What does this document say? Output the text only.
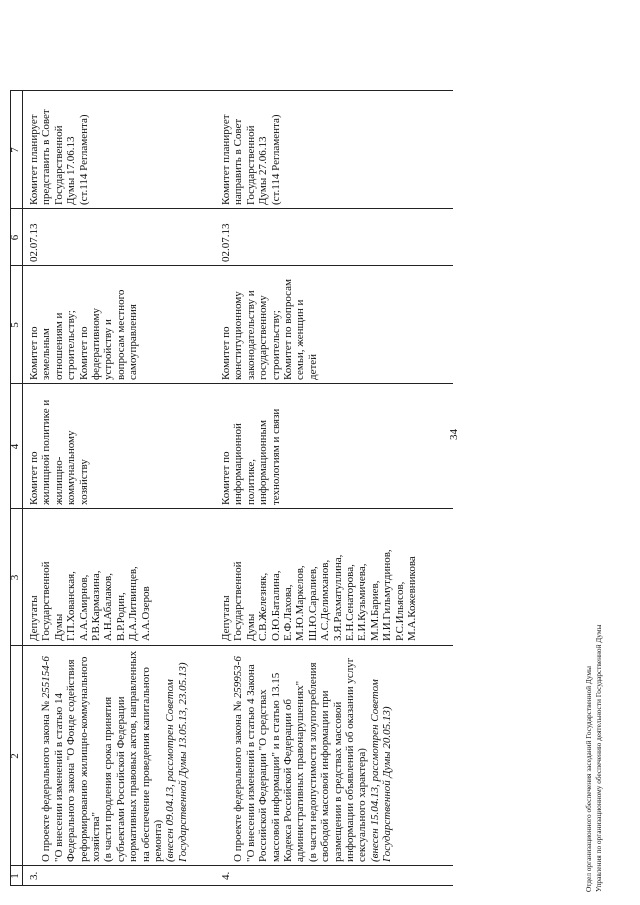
1
2
3
4
5
6
7
3.

О проекте федерального закона № 255154-6
"О внесении изменений в статью 14
Федерального закона "О Фонде содействия
реформированию жилищно-коммунального
хозяйства"
(в части продления срока принятия
субъектами Российской Федерации
нормативных правовых актов, направленных
на обеспечение проведения капитального
ремонта)
(внесен 09.04.13, рассмотрен Советом
Государственной Думы 13.05.13, 23.05.13)

Депутаты
Государственной
Думы
Г.П.Хованская,
А.А.Смирнов,
Р.В.Кармазина,
А.Н.Абалаков,
В.Р.Родин,
Д.А.Литвинцев,
А.А.Озеров
Комитет по
жилищной политике и
жилищно-
коммунальному
хозяйству
Комитет по
земельным
отношениям и
строительству;
Комитет по
федеративному
устройству и
вопросам местного
самоуправления
02.07.13
Комитет планирует
представить в Совет
Государственной
Думы 17.06.13
(ст.114 Регламента)
4.

О проекте федерального закона № 259953-6
"О внесении изменений в статью 4 Закона
Российской Федерации "О средствах
массовой информации" и в статью 13.15
Кодекса Российской Федерации об
административных правонарушениях"
(в части недопустимости злоупотребления
свободой массовой информации при
размещении в средствах массовой
информации объявлений об оказании услуг
сексуального характера)
(внесен 15.04.13, рассмотрен Советом
Государственной Думы 20.05.13)

Депутаты
Государственной
Думы
С.В.Железняк,
О.Ю.Баталина,
Е.Ф.Лахова,
М.Ю.Маркелов,
Ш.Ю.Саралиев,
А.С.Делимханов,
З.Я.Рахматуллина,
Е.Н.Сенаторова,
Е.И.Кузьмичева,
М.М.Бариев,
И.И.Гильмутдинов,
Р.С.Ильясов,
М.А.Кожевникова
Комитет по
информационной
политике,
информационным
технологиям и связи
Комитет по
конституционному
законодательству и
государственному
строительству;
Комитет по вопросам
семьи, женщин и
детей
02.07.13
Комитет планирует
направить в Совет
Государственной
Думы 27.06.13
(ст.114 Регламента)
34
Отдел организационного обеспечения заседаний Государственной Думы
Управления по организационному обеспечению деятельности Государственной Думы
